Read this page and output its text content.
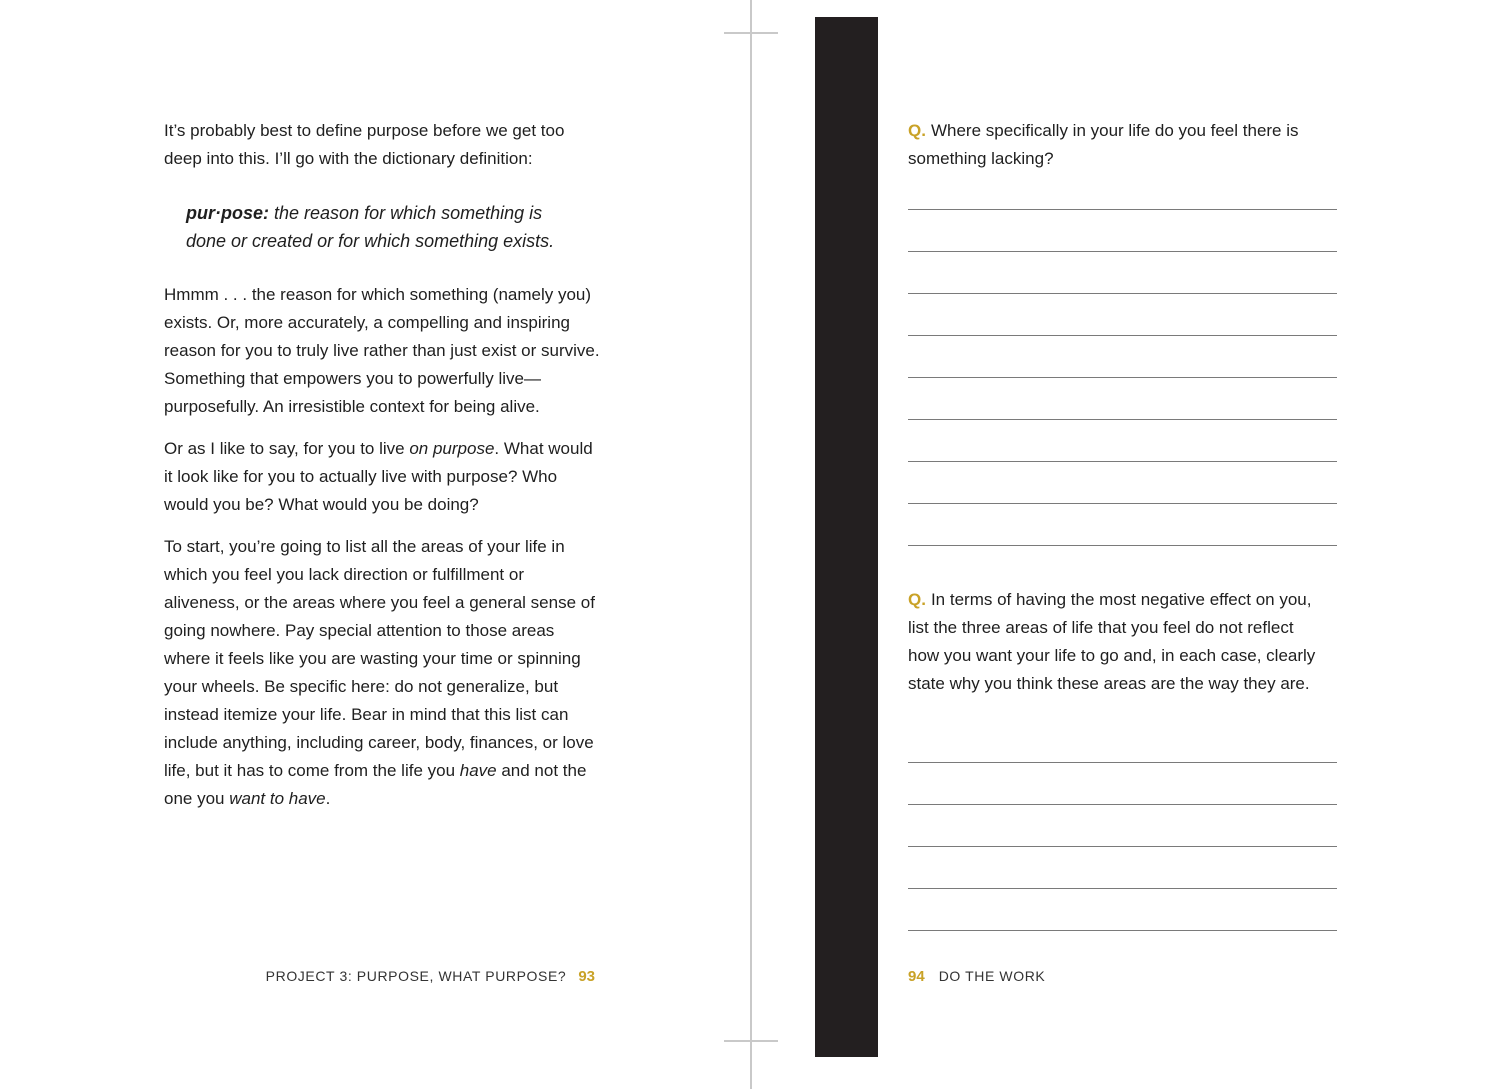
It’s probably best to define purpose before we get too deep into this. I’ll go with the dictionary definition:

pur·pose: the reason for which something is done or created or for which something exists.

Hmmm . . . the reason for which something (namely you) exists. Or, more accurately, a compelling and inspiring reason for you to truly live rather than just exist or survive. Something that empowers you to powerfully live—purposefully. An irresistible context for being alive.

Or as I like to say, for you to live on purpose. What would it look like for you to actually live with purpose? Who would you be? What would you be doing?

To start, you’re going to list all the areas of your life in which you feel you lack direction or fulfillment or aliveness, or the areas where you feel a general sense of going nowhere. Pay special attention to those areas where it feels like you are wasting your time or spinning your wheels. Be specific here: do not generalize, but instead itemize your life. Bear in mind that this list can include anything, including career, body, finances, or love life, but it has to come from the life you have and not the one you want to have.

PROJECT 3: PURPOSE, WHAT PURPOSE? 93
Q. Where specifically in your life do you feel there is something lacking?
Q. In terms of having the most negative effect on you, list the three areas of life that you feel do not reflect how you want your life to go and, in each case, clearly state why you think these areas are the way they are.
94 DO THE WORK
